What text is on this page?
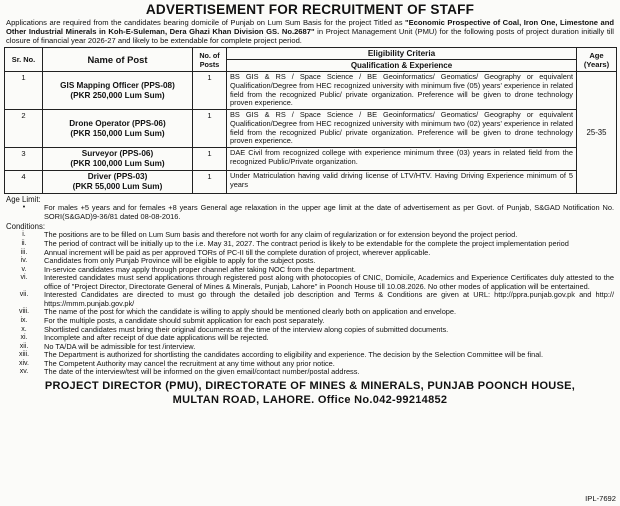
ADVERTISEMENT FOR RECRUITMENT OF STAFF
Applications are required from the candidates bearing domicile of Punjab on Lum Sum Basis for the project Titled as "Economic Prospective of Coal, Iron One, Limestone and Other Industrial Minerals in Koh-E-Suleman, Dera Ghazi Khan Division GS. No.2687" in Project Management Unit (PMU) for the following posts of project duration initially till closure of financial year 2026-27 and likely to be extendable for complete project period.
Sr. No.	Name of Post	No. of Posts	Eligibility Criteria	Age (Years)
			Qualification & Experience	
1	GIS Mapping Officer (PPS-08)
(PKR 250,000 Lum Sum)	1	BS GIS & RS / Space Science / BE Geoinformatics/ Geomatics/ Geography or equivalent Qualification/Degree from HEC recognized university with minimum five (05) years' experience in related field from the recognized Public/ private organization. Preference will be given to drone technology proven experience.	25-35
2	Drone Operator (PPS-06)
(PKR 150,000 Lum Sum)	1	BS GIS & RS / Space Science / BE Geoinformatics/ Geomatics/ Geography or equivalent Qualification/Degree from HEC recognized university with minimum two (02) years' experience in related field from the recognized Public/ private organization. Preference will be given to drone technology proven experience.	
3	Surveyor (PPS-06)
(PKR 100,000 Lum Sum)	1	DAE Civil from recognized college with experience minimum three (03) years in related field from the recognized Public/Private organization.	
4	Driver (PPS-03)
(PKR 55,000 Lum Sum)	1	Under Matriculation having valid driving license of LTV/HTV. Having Driving Experience minimum of 5 years	
Age Limit:
•	For males +5 years and for females +8 years General age relaxation in the upper age limit at the date of advertisement as per Govt. of Punjab, S&GAD Notification No. SORI(S&GAD)9-36/81 dated 08-08-2016.
Conditions:
i.	The positions are to be filled on Lum Sum basis and therefore not worth for any claim of regularization or for extension beyond the project period.
ii.	The period of contract will be initially up to the i.e. May 31, 2027. The contract period is likely to be extendable for the complete the project implementation period
iii.	Annual increment will be paid as per approved TORs of PC-II till the complete duration of project, wherever applicable.
iv.	Candidates from only Punjab Province will be eligible to apply for the subject posts.
v.	In-service candidates may apply through proper channel after taking NOC from the department.
vi.	Interested candidates must send applications through registered post along with photocopies of CNIC, Domicile, Academics and Experience Certificates duly attested to the office of "Project Director, Directorate General of Mines & Minerals, Punjab, Lahore" in Poonch House till 10.08.2026. No other modes of application will be entertained.
vii.	Interested Candidates are directed to must go through the detailed job description and Terms & Conditions are given at URL: http://ppra.punjab.gov.pk and http:// https://mmm.punjab.gov.pk/
viii.	The name of the post for which the candidate is willing to apply should be mentioned clearly both on application and envelope.
ix.	For the multiple posts, a candidate should submit application for each post separately.
x.	Shortlisted candidates must bring their original documents at the time of the interview along copies of submitted documents.
xi.	Incomplete and after receipt of due date applications will be rejected.
xii.	No TA/DA will be admissible for test /interview.
xiii.	The Department is authorized for shortlisting the candidates according to eligibility and experience. The decision by the Selection Committee will be final.
xiv.	The Competent Authority may cancel the recruitment at any time without any prior notice.
xv.	The date of the interview/test will be informed on the given email/contact number/postal address.
PROJECT DIRECTOR (PMU), DIRECTORATE OF MINES & MINERALS, PUNJAB POONCH HOUSE,
MULTAN ROAD, LAHORE. Office No.042-99214852
IPL-7692
